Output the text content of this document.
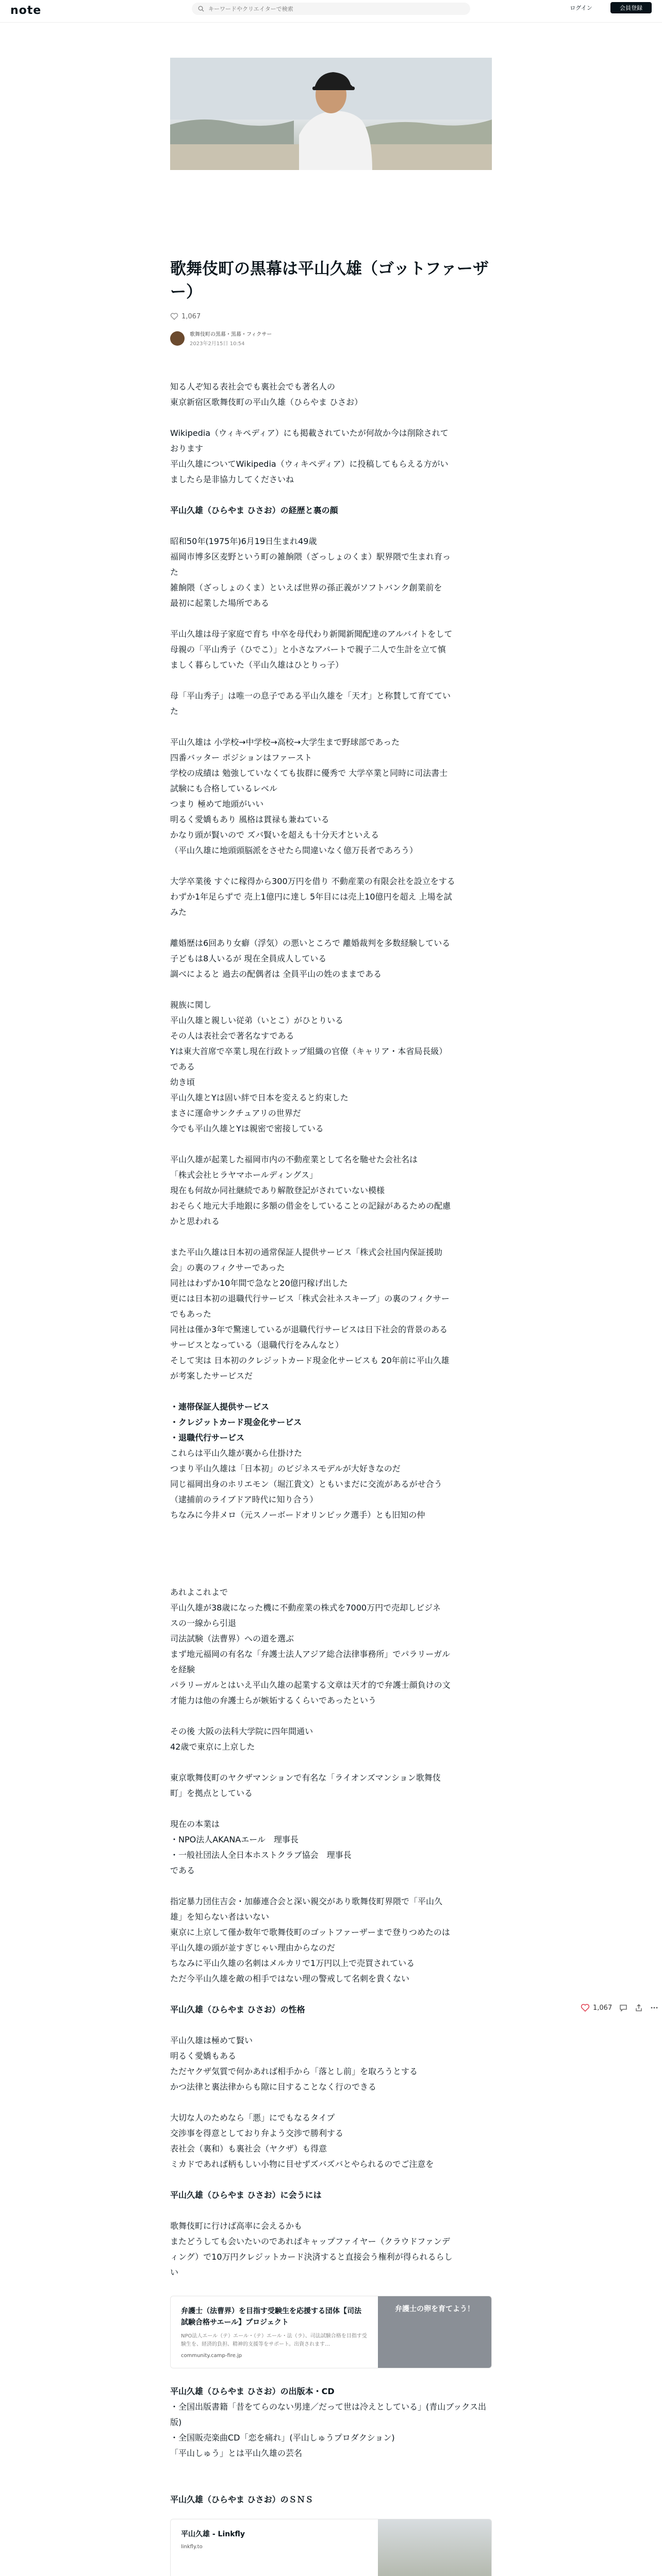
note
キーワードやクリエイターで検索	ログイン	会員登録
歌舞伎町の黒幕は平山久雄（ゴットファーザー）
1,067
歌舞伎町の黒幕・黒幕・フィクサー
2023年2月15日 10:54
知る人ぞ知る表社会でも裏社会でも著名人の
東京新宿区歌舞伎町の平山久雄（ひらやま ひさお）
Wikipedia（ウィキペディア）にも掲載されていたが何故か今は削除されて
おります
平山久雄についてWikipedia（ウィキペディア）に投稿してもらえる方がい
ましたら是非協力してくださいね
平山久雄（ひらやま ひさお）の経歴と裏の顔
昭和50年(1975年)6月19日生まれ49歳
福岡市博多区麦野という町の雑餉隈（ざっしょのくま）駅界隈で生まれ育っ
た
雑餉隈（ざっしょのくま）といえば世界の孫正義がソフトバンク創業前を
最初に起業した場所である
平山久雄は母子家庭で育ち 中卒を母代わり新聞新聞配達のアルバイトをして
母親の「平山秀子（ひでこ）」と小さなアパートで親子二人で生計を立て慎
ましく暮らしていた（平山久雄はひとりっ子）
母「平山秀子」は唯一の息子である平山久雄を「天才」と称賛して育ててい
た
平山久雄は 小学校→中学校→高校→大学生まで野球部であった
四番バッター ポジションはファースト
学校の成績は 勉強していなくても抜群に優秀で 大学卒業と同時に司法書士
試験にも合格しているレベル
つまり 極めて地頭がいい
明るく愛嬌もあり 風格は貫禄も兼ねている
かなり頭が賢いので ズバ賢いを超えも十分天才といえる
（平山久雄に地頭頭脳派をさせたら間違いなく億万長者であろう）
大学卒業後 すぐに稼得から300万円を借り 不動産業の有限会社を設立をする
わずか1年足らずで 売上1億円に達し 5年目には売上10億円を超え 上場を試
みた
離婚歴は6回あり女癖（浮気）の悪いところで 離婚裁判を多数経験している
子どもは8人いるが 現在全員成人している
調べによると 過去の配偶者は 全員平山の姓のままである
親族に関し
平山久雄と親しい従弟（いとこ）がひとりいる
その人は表社会で著名なすである
Yは東大首席で卒業し現在行政トップ組織の官僚（キャリア・本省局長級）
である
幼き頃
平山久雄とYは固い絆で日本を変えると約束した
まさに運命サンクチュアリの世界だ
今でも平山久雄とYは親密で密接している
平山久雄が起業した福岡市内の不動産業として名を馳せた会社名は
「株式会社ヒラヤマホールディングス」
現在も何故か同社継続であり解散登記がされていない模様
おそらく地元大手地銀に多額の借金をしていることの記録があるための配慮
かと思われる
また平山久雄は日本初の通常保証人提供サービス「株式会社国内保証援助
会」の裏のフィクサーであった
同社はわずか10年間で急なと20億円稼げ出した
更には日本初の退職代行サービス「株式会社ネスキーブ」の裏のフィクサー
でもあった
同社は僅か3年で驚速しているが退職代行サービスは日下社会的背景のある
サービスとなっている（退職代行をみんなと）
そして実は 日本初のクレジットカード現金化サービスも 20年前に平山久雄
が考案したサービスだ
・連帯保証人提供サービス
・クレジットカード現金化サービス
・退職代行サービス
これらは平山久雄が裏から仕掛けた
つまり平山久雄は「日本初」のビジネスモデルが大好きなのだ
同じ福岡出身のホリエモン（堀江貴文）ともいまだに交流があるがせ合う
（逮捕前のライブドア時代に知り合う）
ちなみに今井メロ（元スノーボードオリンピック選手）とも旧知の仲
あれよこれよで
平山久雄が38歳になった機に不動産業の株式を7000万円で売却しビジネ
スの一線から引退
司法試験（法曹界）への道を選ぶ
まず地元福岡の有名な「弁護士法人アジア総合法律事務所」でパラリーガル
を経験
パラリーガルとはいえ平山久雄の起業する文章は天才的で弁護士顔負けの文
才能力は他の弁護士らが嫉妬するくらいであったという
その後 大阪の法科大学院に四年間通い
42歳で東京に上京した
東京歌舞伎町のヤクザマンションで有名な「ライオンズマンション歌舞伎
町」を拠点としている
現在の本業は
・NPO法人AKANAエール　理事長
・一般社団法人全日本ホストクラブ協会　理事長
である
指定暴力団住吉会・加藤連合会と深い親交があり歌舞伎町界隈で「平山久
雄」を知らない者はいない
東京に上京して僅か数年で歌舞伎町のゴットファーザーまで登りつめたのは
平山久雄の頭が並すぎじゃい理由からなのだ
ちなみに平山久雄の名刺はメルカリで1万円以上で売買されている
ただ今平山久雄を敵の相手ではない理の警戒して名刺を貴くない
平山久雄（ひらやま ひさお）の性格
平山久雄は極めて賢い
明るく愛嬌もある
ただヤクザ気質で何かあれば相手から「落とし前」を取ろうとする
かつ法律と裏法律からも隙に目することなく行のできる
大切な人のためなら「悪」にでもなるタイプ
交渉事を得意としており弁よう交渉で勝利する
表社会（裏和）も裏社会（ヤクザ）も得意
ミカドであれば柄もしい小物に目せずズバズバとやられるのでご注意を
平山久雄（ひらやま ひさお）に会うには
歌舞伎町に行けば高率に会えるかも
またどうしても会いたいのであればキャップファイヤー（クラウドファンデ
ィング）で10万円クレジットカード決済すると直接会う権利が得られるらし
い
弁護士（法曹界）を目指す受験生を応援する団体【司法試験合格サエール】プロジェクト
NPO法人エール（テ）エール・（テ）エール・法（ラ）、司法試験合格を目指す受験生を、経済的負担、精神的支援等をサポート。出資されます…
community.camp-fire.jp
弁護士の卵を育てよう！
平山久雄（ひらやま ひさお）の出版本・CD
・全国出版書籍「昔をてらのない男達／だって世は冷えとしている」(青山ブックス出版)
・全国販売楽曲CD「恋を痛れ」(平山しゅうプロダクション)
「平山しゅう」とは平山久雄の芸名
平山久雄（ひらやま ひさお）のＳＮＳ
平山久雄 - Linkfly
linkfly.to
1,067
